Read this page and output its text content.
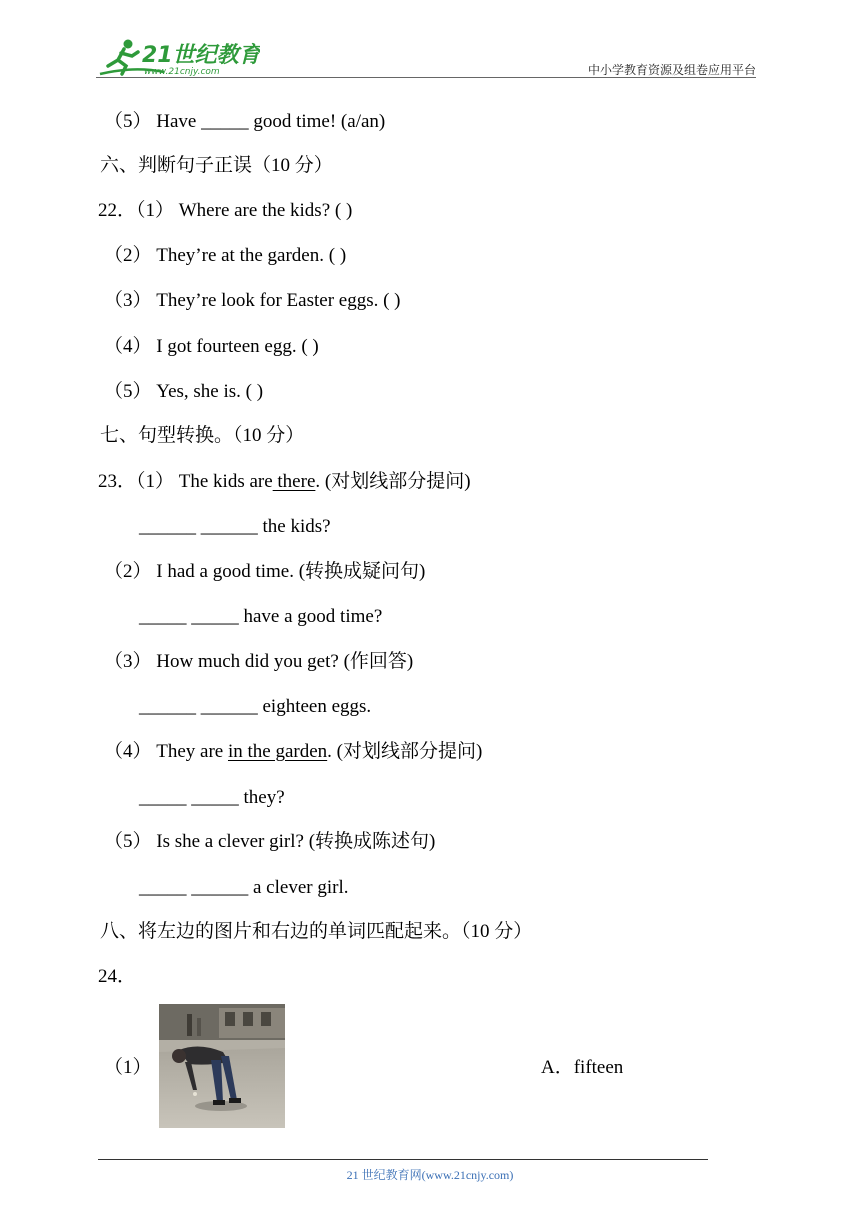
21世纪教育
www.21cnjy.com	中小学教育资源及组卷应用平台
（5） Have _____ good time! (a/an)
六、判断句子正误（10 分）
22．（1） Where are the kids? ( )
（2） They’re at the garden. ( )
（3） They’re look for Easter eggs. ( )
（4） I got fourteen egg. ( )
（5） Yes, she is. ( )
七、句型转换。（10 分）
23．（1） The kids are there. (对划线部分提问)
______ ______ the kids?
（2） I had a good time. (转换成疑问句)
_____ _____ have a good time?
（3） How much did you get? (作回答)
______ ______ eighteen eggs.
（4） They are in the garden. (对划线部分提问)
_____ _____ they?
（5） Is she a clever girl? (转换成陈述句)
_____ ______ a clever girl.
八、将左边的图片和右边的单词匹配起来。（10 分）
24．
（1）	A．fifteen
21 世纪教育网(www.21cnjy.com)
